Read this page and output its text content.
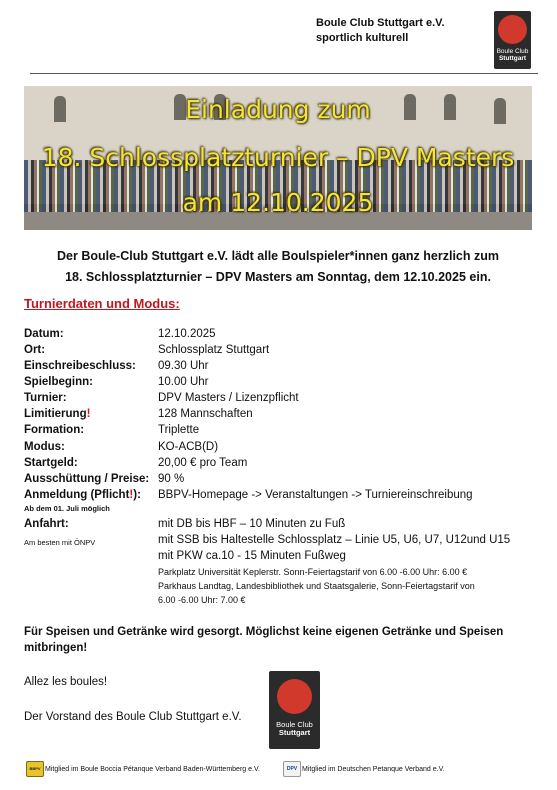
Boule Club Stuttgart e.V.
sportlich kulturell
Boule Club
Stuttgart
Einladung zum
18. Schlossplatzturnier – DPV Masters
am 12.10.2025
Der Boule-Club Stuttgart e.V. lädt alle Boulspieler*innen ganz herzlich zum
18. Schlossplatzturnier – DPV Masters am Sonntag, dem 12.10.2025 ein.
Turnierdaten und Modus:
Datum:	12.10.2025
Ort:	Schlossplatz Stuttgart
Einschreibeschluss: 09.30 Uhr
Spielbeginn:	10.00 Uhr
Turnier:	DPV Masters / Lizenzpflicht
Limitierung!	128 Mannschaften
Formation:	Triplette
Modus:	KO-ACB(D)
Startgeld:	20,00 € pro Team
Ausschüttung / Preise: 90 %
Anmeldung (Pflicht!): BBPV-Homepage -> Veranstaltungen -> Turniereinschreibung
Ab dem 01. Juli möglich
Anfahrt:	mit DB bis HBF – 10 Minuten zu Fuß
Am besten mit ÖNPV	mit SSB bis Haltestelle Schlossplatz – Linie U5, U6, U7, U12und U15
mit PKW ca.10 - 15 Minuten Fußweg
Parkplatz Universität Keplerstr. Sonn-Feiertagstarif von 6.00 -6.00 Uhr: 6.00 €
Parkhaus Landtag, Landesbibliothek und Staatsgalerie, Sonn-Feiertagstarif von
6.00 -6.00 Uhr: 7.00 €
Für Speisen und Getränke wird gesorgt. Möglichst keine eigenen Getränke und Speisen
mitbringen!
Allez les boules!
Der Vorstand des Boule Club Stuttgart e.V.
Boule Club
Stuttgart
BBPV Mitglied im Boule Boccia Pétanque Verband Baden-Württemberg e.V.	DPV Mitglied im Deutschen Petanque Verband e.V.
